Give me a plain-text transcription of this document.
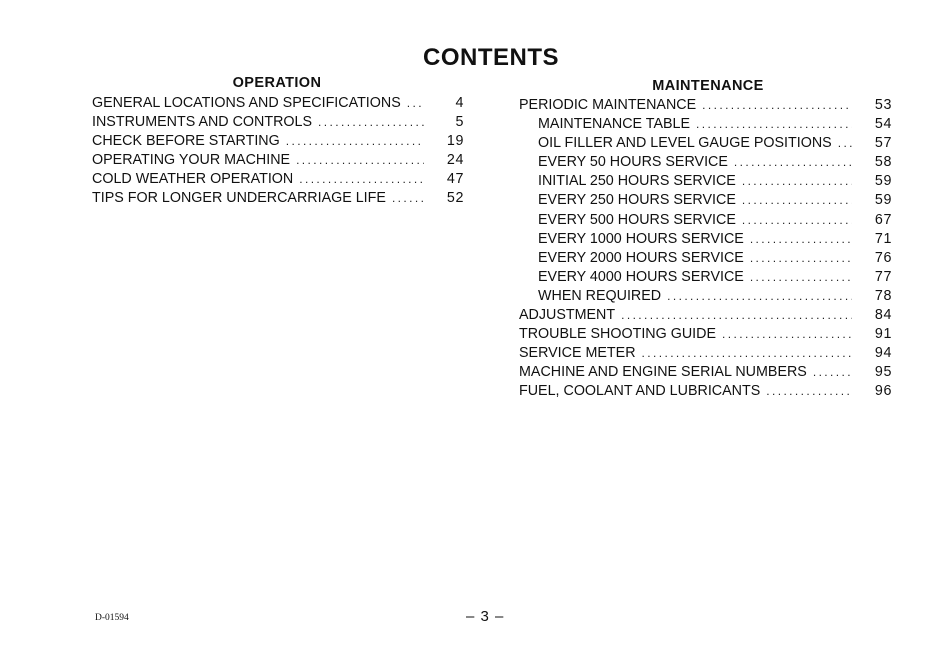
CONTENTS
OPERATION
GENERAL LOCATIONS AND SPECIFICATIONS .....	4
INSTRUMENTS AND CONTROLS .....	5
CHECK BEFORE STARTING .....	19
OPERATING YOUR MACHINE .....	24
COLD WEATHER OPERATION .....	47
TIPS FOR LONGER UNDERCARRIAGE LIFE .....	52
MAINTENANCE
PERIODIC MAINTENANCE .....	53
MAINTENANCE TABLE .....	54
OIL FILLER AND LEVEL GAUGE POSITIONS .....	57
EVERY 50 HOURS SERVICE .....	58
INITIAL 250 HOURS SERVICE .....	59
EVERY 250 HOURS SERVICE .....	59
EVERY 500 HOURS SERVICE .....	67
EVERY 1000 HOURS SERVICE .....	71
EVERY 2000 HOURS SERVICE .....	76
EVERY 4000 HOURS SERVICE .....	77
WHEN REQUIRED .....	78
ADJUSTMENT .....	84
TROUBLE SHOOTING GUIDE .....	91
SERVICE METER .....	94
MACHINE AND ENGINE SERIAL NUMBERS .....	95
FUEL, COOLANT AND LUBRICANTS .....	96
D-01594	– 3 –
